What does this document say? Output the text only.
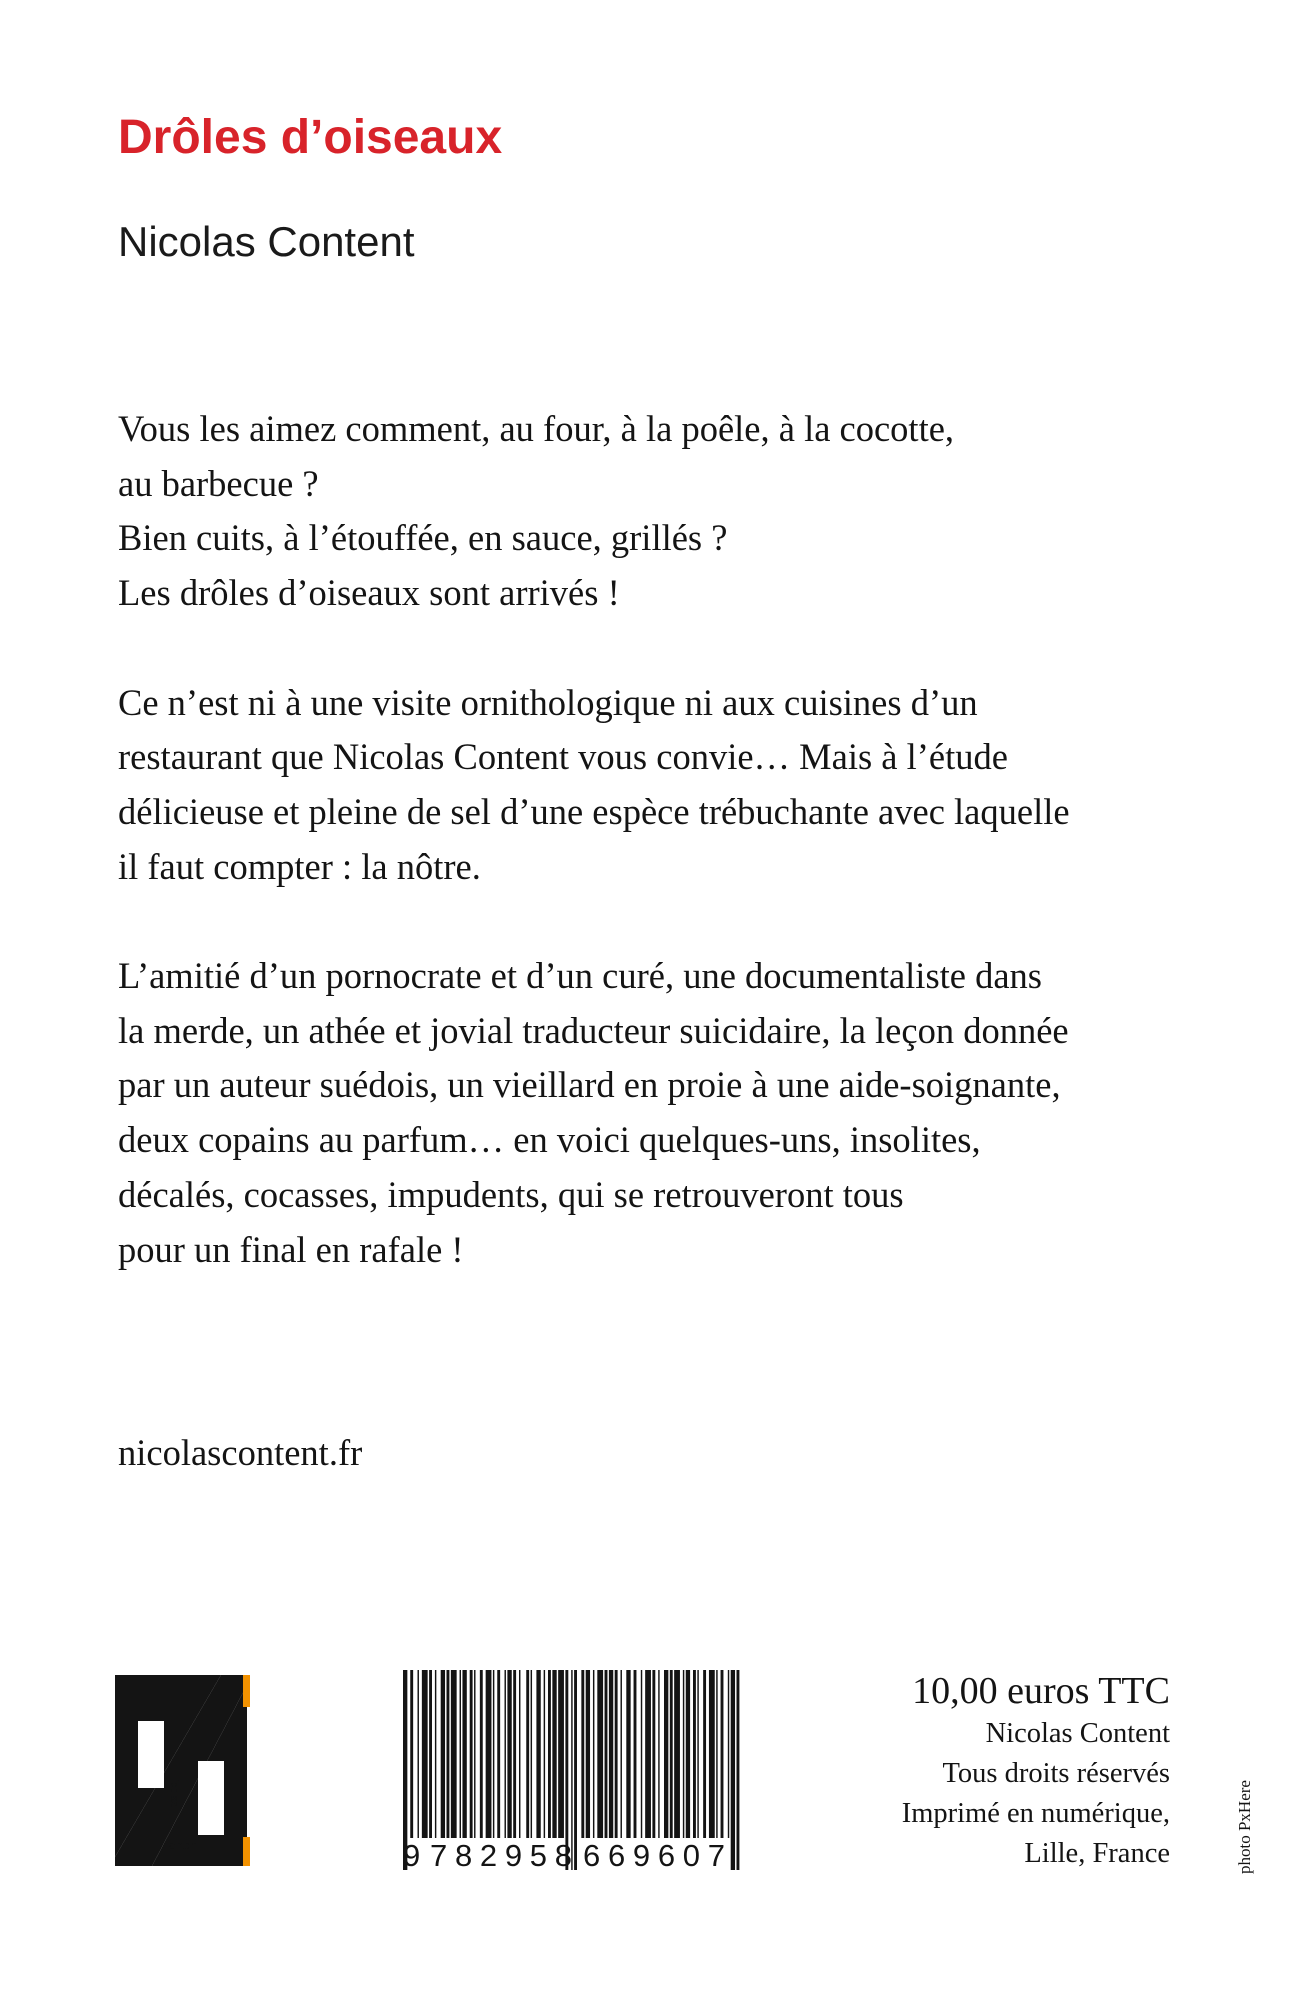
Drôles d’oiseaux
Nicolas Content

Vous les aimez comment, au four, à la poêle, à la cocotte,
au barbecue ?
Bien cuits, à l’étouffée, en sauce, grillés ?
Les drôles d’oiseaux sont arrivés !

Ce n’est ni à une visite ornithologique ni aux cuisines d’un
restaurant que Nicolas Content vous convie… Mais à l’étude
délicieuse et pleine de sel d’une espèce trébuchante avec laquelle
il faut compter : la nôtre.

L’amitié d’un pornocrate et d’un curé, une documentaliste dans
la merde, un athée et jovial traducteur suicidaire, la leçon donnée
par un auteur suédois, un vieillard en proie à une aide-soignante,
deux copains au parfum… en voici quelques-uns, insolites,
décalés, cocasses, impudents, qui se retrouveront tous
pour un final en rafale !

nicolascontent.fr
icolas
ontent	9 782958 669607
10,00 euros TTC
Nicolas Content
Tous droits réservés
Imprimé en numérique,
Lille, France	photo PxHere
